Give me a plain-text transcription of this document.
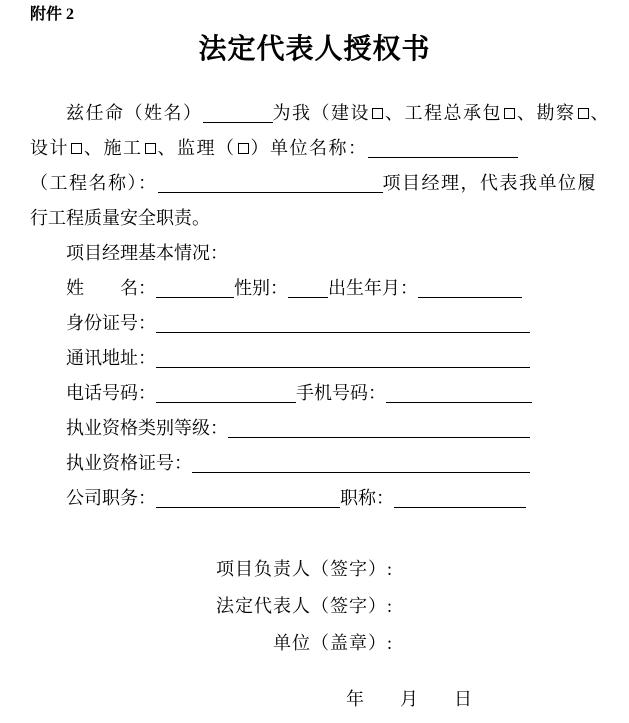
附件 2
法定代表人授权书
兹任命（姓名）	为我（建设 、工程总承包 、勘察 、
设计 、施工 、监理（ ）单位名称：
（工程名称）：	项目经理，代表我单位履
行工程质量安全职责。
项目经理基本情况：
姓　　名：	性别： 出生年月：
身份证号：
通讯地址：
电话号码：	手机号码：
执业资格类别等级：
执业资格证号：
公司职务：	职称：
项目负责人（签字）:
法定代表人（签字）:
单位（盖章）:
年　　月　　日
